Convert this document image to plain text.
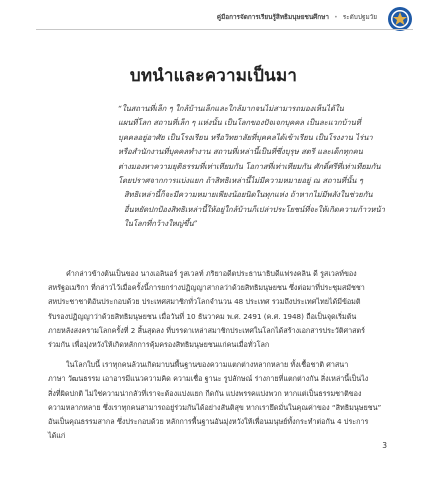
คู่มือการจัดการเรียนรู้สิทธิมนุษยชนศึกษา • ระดับปฐมวัย
บทนำและความเป็นมา
“ในสถานที่เล็ก ๆ ใกล้บ้านเล็กและใกล้มากจนไม่สามารถมองเห็นได้ใน
แผนที่โลก สถานที่เล็ก ๆ แห่งนั้น เป็นโลกของปัจเจกบุคคล เป็นละแวกบ้านที่
บุคคลอยู่อาศัย เป็นโรงเรียน หรือวิทยาลัยที่บุคคลได้เข้าเรียน เป็นโรงงาน ไร่นา
หรือสำนักงานที่บุคคลทำงาน สถานที่เหล่านี้เป็นที่ซึ่งบุรุษ สตรี และเด็กทุกคน
ต่างมองหาความยุติธรรมที่เท่าเทียมกัน โอกาสที่เท่าเทียมกัน ศักดิ์ศรีที่เท่าเทียมกัน
โดยปราศจากการแบ่งแยก ถ้าสิทธิเหล่านี้ไม่มีความหมายอยู่ ณ สถานที่นั้น ๆ
สิทธิเหล่านี้ก็จะมีความหมายเพียงน้อยนิดในทุกแห่ง ถ้าหากไม่มีพลังในช่วยกัน
อื่นหยัดปกป้องสิทธิเหล่านี้ให้อยู่ใกล้บ้านก็เปล่าประโยชน์ที่จะให้เกิดความก้าวหน้า
ในโลกที่กว้างใหญ่ขึ้น”
คำกล่าวข้างต้นเป็นของ นางเอลินอร์ รูสเวลท์ ภริยาอดีตประธานาธิบดีแฟรงคลิน ดี รูสเวลท์ของ
สหรัฐอเมริกา ที่กล่าวไว้เมื่อครั้งนี้การยกร่างปฏิญญาสากลว่าด้วยสิทธิมนุษยชน ซึ่งต่อมาที่ประชุมสมัชชา
สหประชาชาติอันประกอบด้วย ประเทศสมาชิกทั่วโลกจำนวน 48 ประเทศ รวมถึงประเทศไทยได้มีข้อมติ
รับรองปฏิญญาว่าด้วยสิทธิมนุษยชน เมื่อวันที่ 10 ธันวาคม พ.ศ. 2491 (ค.ศ. 1948) ถือเป็นจุดเริ่มต้น
ภายหลังสงครามโลกครั้งที่ 2 สิ้นสุดลง ที่บรรดาเหล่าสมาชิกประเทศในโลกได้สร้างเอกสารประวัติศาสตร์
ร่วมกัน เพื่อมุ่งหวังให้เกิดหลักการคุ้มครองสิทธิมนุษยชนแก่คนเมื่อทั่วโลก
ในโลกใบนี้ เราทุกคนล้วนเกิดมาบนพื้นฐานของความแตกต่างหลากหลาย ทั้งเชื้อชาติ ศาสนา
ภาษา วัฒนธรรม เอาอารมีแนวความคิด ความเชื่อ ฐานะ รูปลักษณ์ ร่างกายที่แตกต่างกัน สิ่งเหล่านี้เป็นไง
สิ่งที่ผิดปกติ ไม่ใช่ความน่ากลัวที่เราจะต้องแบ่งแยก กีดกัน แบ่งพรรคแบ่งพวก หากแต่เป็นธรรมชาติของ
ความหลากหลาย ซึ่งเราทุกคนสามารถอยู่ร่วมกันได้อย่างสันติสุข หากเรายึดมั่นในคุณค่าของ “สิทธิมนุษยชน”
อันเป็นคุณธรรมสากล ซึ่งประกอบด้วย หลักการพื้นฐานอันมุ่งหวังให้เพื่อนมนุษย์ทั้งกระทำต่อกัน 4 ประการ
ได้แก่
3
